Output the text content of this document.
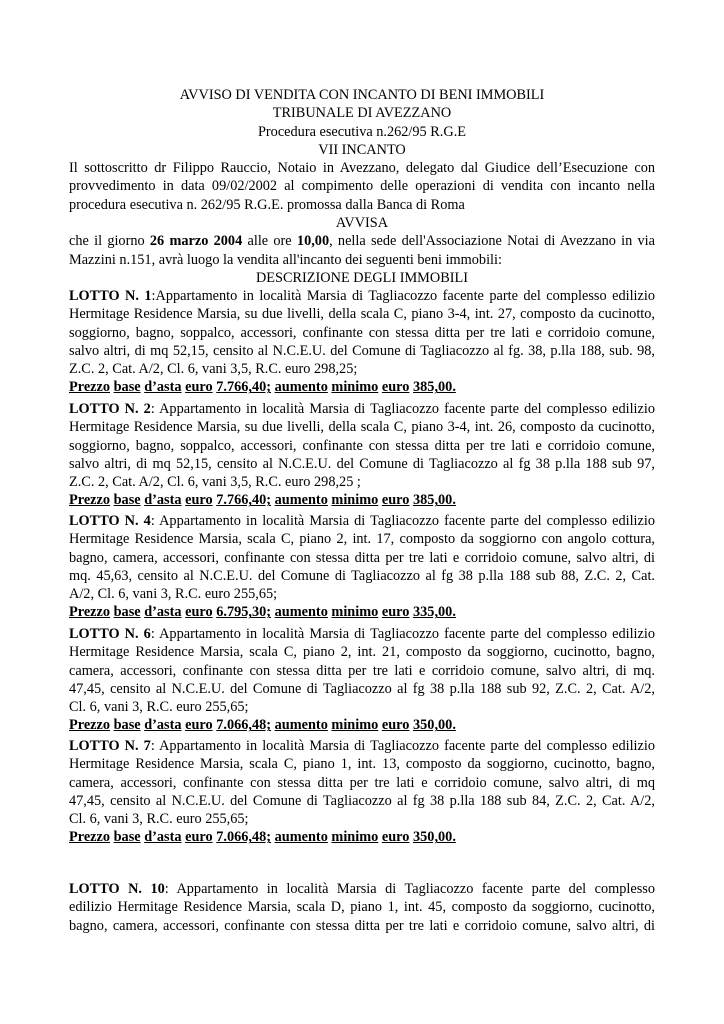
AVVISO DI VENDITA CON INCANTO DI BENI IMMOBILI
TRIBUNALE DI AVEZZANO
Procedura esecutiva n.262/95 R.G.E
VII INCANTO
Il sottoscritto dr Filippo Rauccio, Notaio in Avezzano, delegato dal Giudice dell’Esecuzione con
provvedimento in data 09/02/2002 al compimento delle operazioni di vendita con incanto nella
procedura esecutiva n. 262/95 R.G.E. promossa dalla Banca di Roma
AVVISA
che il giorno 26 marzo 2004 alle ore 10,00, nella sede dell'Associazione Notai di Avezzano in via
Mazzini n.151, avrà luogo la vendita all'incanto dei seguenti beni immobili:
DESCRIZIONE DEGLI IMMOBILI
LOTTO N. 1:Appartamento in località Marsia di Tagliacozzo facente parte del complesso edilizio
Hermitage Residence Marsia, su due livelli, della scala C, piano 3-4, int. 27, composto da cucinotto,
soggiorno, bagno, soppalco, accessori, confinante con stessa ditta per tre lati e corridoio comune,
salvo altri, di mq 52,15, censito al N.C.E.U. del Comune di Tagliacozzo al fg. 38, p.lla 188, sub. 98,
Z.C. 2, Cat. A/2, Cl. 6, vani 3,5, R.C. euro 298,25;
Prezzo base d’asta euro 7.766,40; aumento minimo euro 385,00.
LOTTO N. 2: Appartamento in località Marsia di Tagliacozzo facente parte del complesso edilizio
Hermitage Residence Marsia, su due livelli, della scala C, piano 3-4, int. 26, composto da cucinotto,
soggiorno, bagno, soppalco, accessori, confinante con stessa ditta per tre lati e corridoio comune,
salvo altri, di mq 52,15, censito al N.C.E.U. del Comune di Tagliacozzo al fg 38 p.lla 188 sub 97,
Z.C. 2, Cat. A/2, Cl. 6, vani 3,5, R.C. euro 298,25 ;
Prezzo base d’asta euro 7.766,40; aumento minimo euro 385,00.
LOTTO N. 4: Appartamento in località Marsia di Tagliacozzo facente parte del complesso edilizio
Hermitage Residence Marsia, scala C, piano 2, int. 17, composto da soggiorno con angolo cottura,
bagno, camera, accessori, confinante con stessa ditta per tre lati e corridoio comune, salvo altri, di
mq. 45,63, censito al N.C.E.U. del Comune di Tagliacozzo al fg 38 p.lla 188 sub 88, Z.C. 2, Cat.
A/2, Cl. 6, vani 3, R.C. euro 255,65;
Prezzo base d’asta euro 6.795,30; aumento minimo euro 335,00.
LOTTO N. 6: Appartamento in località Marsia di Tagliacozzo facente parte del complesso edilizio
Hermitage Residence Marsia, scala C, piano 2, int. 21, composto da soggiorno, cucinotto, bagno,
camera, accessori, confinante con stessa ditta per tre lati e corridoio comune, salvo altri, di mq.
47,45, censito al N.C.E.U. del Comune di Tagliacozzo al fg 38 p.lla 188 sub 92, Z.C. 2, Cat. A/2,
Cl. 6, vani 3, R.C. euro 255,65;
Prezzo base d’asta euro 7.066,48; aumento minimo euro 350,00.
LOTTO N. 7: Appartamento in località Marsia di Tagliacozzo facente parte del complesso edilizio
Hermitage Residence Marsia, scala C, piano 1, int. 13, composto da soggiorno, cucinotto, bagno,
camera, accessori, confinante con stessa ditta per tre lati e corridoio comune, salvo altri, di mq
47,45, censito al N.C.E.U. del Comune di Tagliacozzo al fg 38 p.lla 188 sub 84, Z.C. 2, Cat. A/2,
Cl. 6, vani 3, R.C. euro 255,65;
Prezzo base d’asta euro 7.066,48; aumento minimo euro 350,00.
LOTTO N. 10: Appartamento in località Marsia di Tagliacozzo facente parte del complesso
edilizio Hermitage Residence Marsia, scala D, piano 1, int. 45, composto da soggiorno, cucinotto,
bagno, camera, accessori, confinante con stessa ditta per tre lati e corridoio comune, salvo altri, di
